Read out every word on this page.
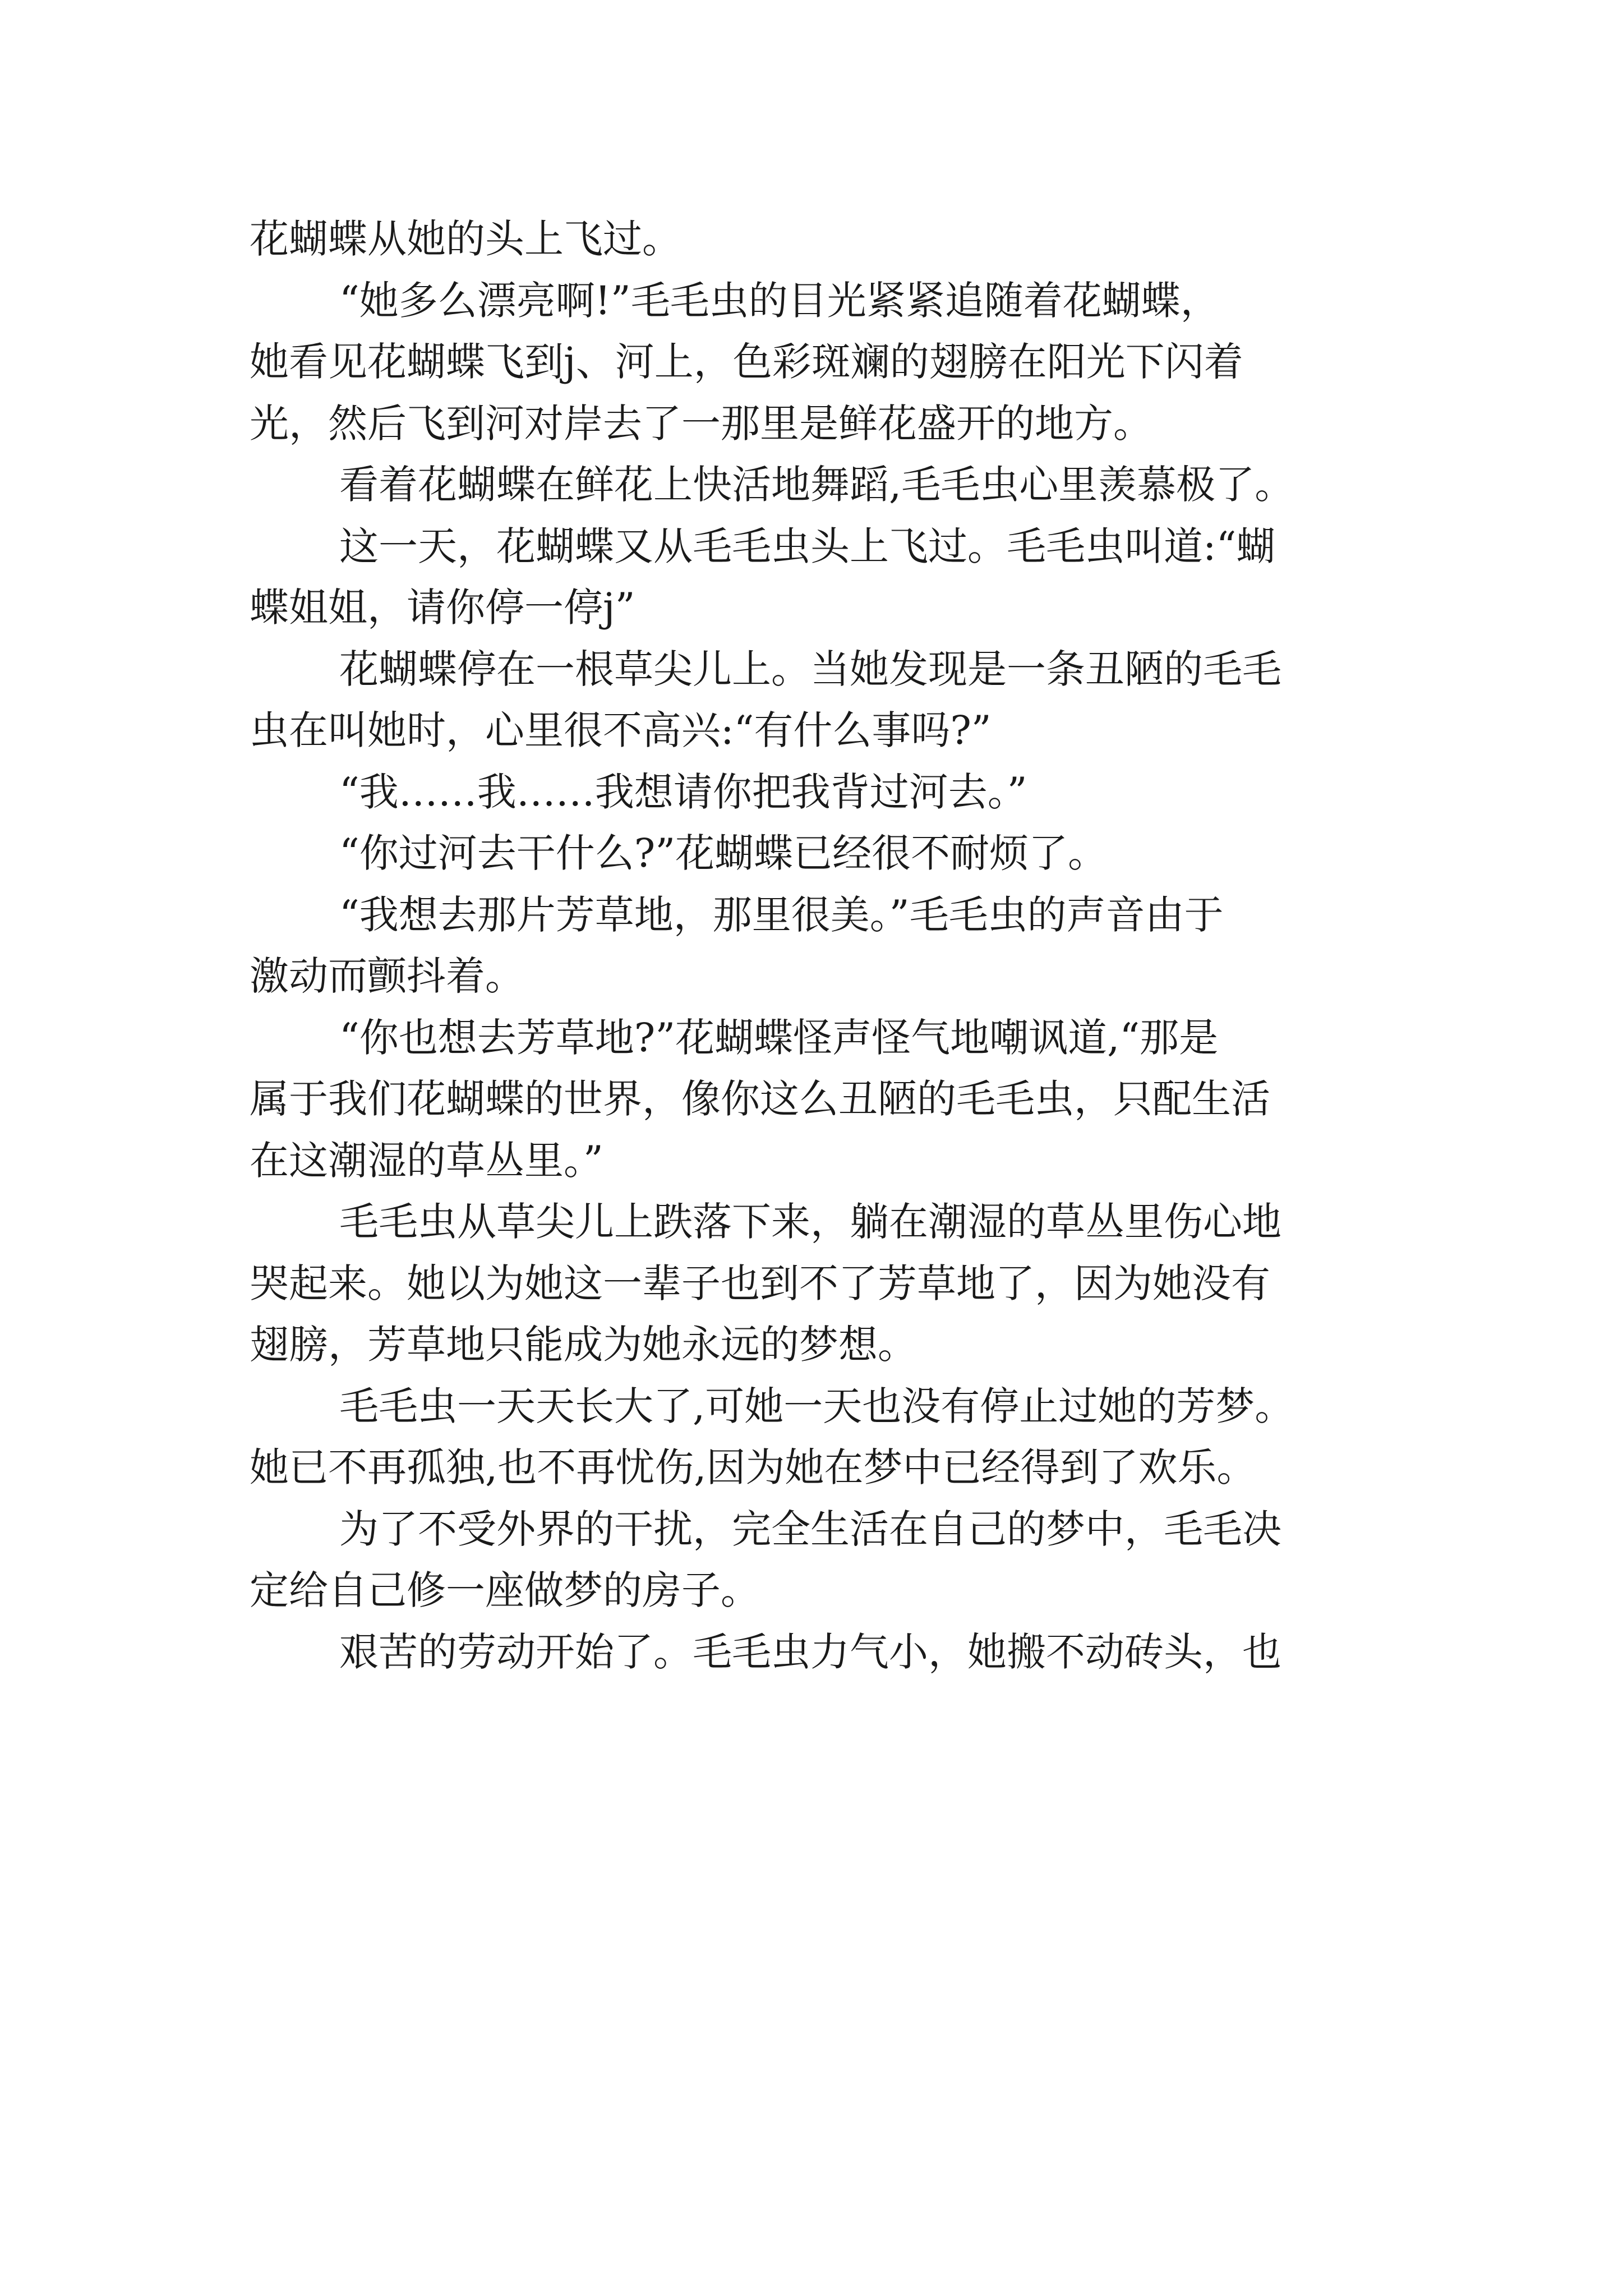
花蝴蝶从她的头上飞过。
“她多么漂亮啊!”毛毛虫的目光紧紧追随着花蝴蝶，
她看见花蝴蝶飞到j、河上，色彩斑斓的翅膀在阳光下闪着
光，然后飞到河对岸去了一那里是鲜花盛开的地方。
看着花蝴蝶在鲜花上快活地舞蹈,毛毛虫心里羡慕极了。
这一天，花蝴蝶又从毛毛虫头上飞过。毛毛虫叫道:“蝴
蝶姐姐，请你停一停j”
花蝴蝶停在一根草尖儿上。当她发现是一条丑陋的毛毛
虫在叫她时，心里很不高兴:“有什么事吗?”
“我……我……我想请你把我背过河去。”
“你过河去干什么?”花蝴蝶已经很不耐烦了。
“我想去那片芳草地，那里很美。”毛毛虫的声音由于
激动而颤抖着。
“你也想去芳草地?”花蝴蝶怪声怪气地嘲讽道,“那是
属于我们花蝴蝶的世界，像你这么丑陋的毛毛虫，只配生活
在这潮湿的草丛里。”
毛毛虫从草尖儿上跌落下来，躺在潮湿的草丛里伤心地
哭起来。她以为她这一辈子也到不了芳草地了，因为她没有
翅膀，芳草地只能成为她永远的梦想。
毛毛虫一天天长大了,可她一天也没有停止过她的芳梦。
她已不再孤独,也不再忧伤,因为她在梦中已经得到了欢乐。
为了不受外界的干扰，完全生活在自己的梦中，毛毛决
定给自己修一座做梦的房子。
艰苦的劳动开始了。毛毛虫力气小，她搬不动砖头，也
